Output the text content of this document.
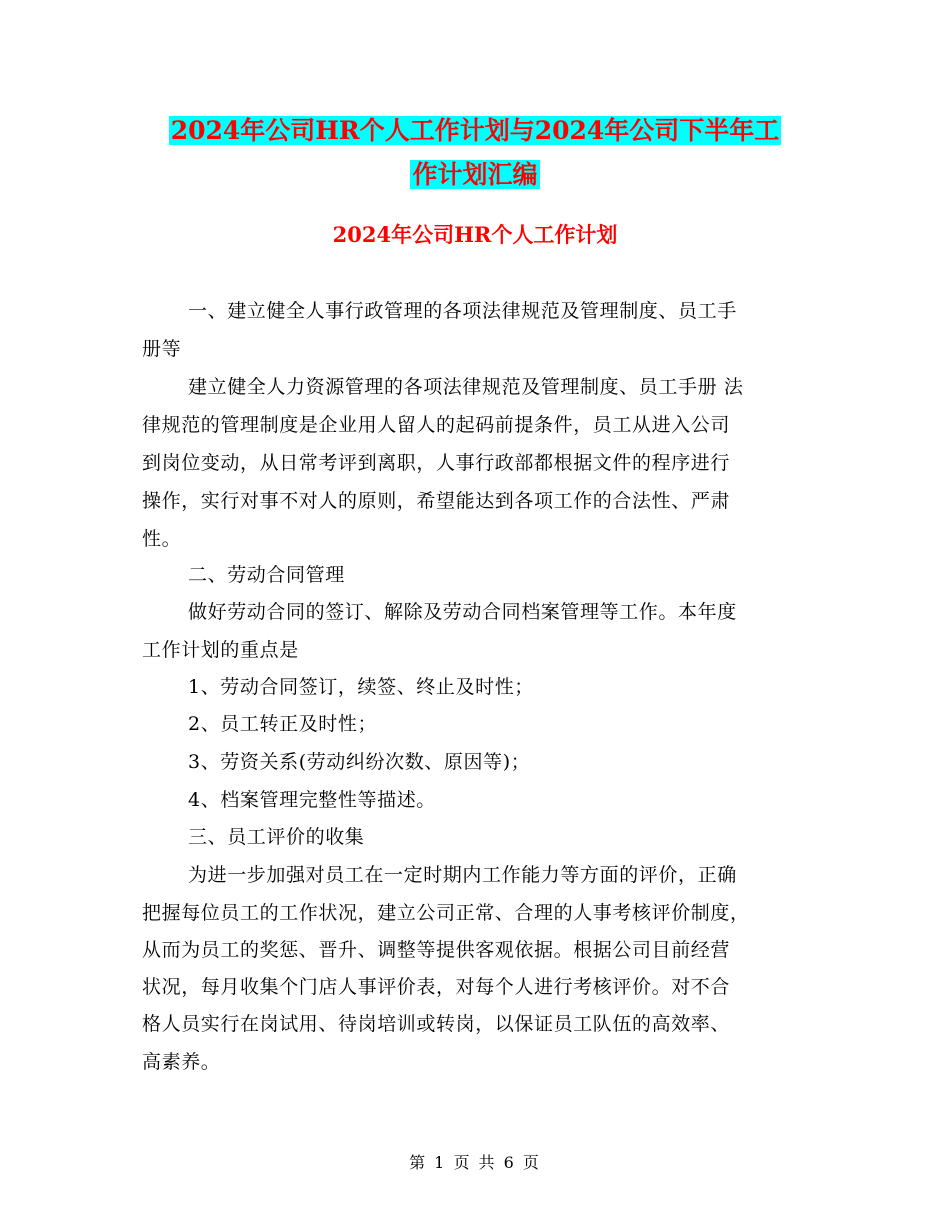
2024年公司HR个人工作计划与2024年公司下半年工
作计划汇编
2024年公司HR个人工作计划
一、建立健全人事行政管理的各项法律规范及管理制度、员工手
册等
建立健全人力资源管理的各项法律规范及管理制度、员工手册 法
律规范的管理制度是企业用人留人的起码前提条件，员工从进入公司
到岗位变动，从日常考评到离职，人事行政部都根据文件的程序进行
操作，实行对事不对人的原则，希望能达到各项工作的合法性、严肃
性。
二、劳动合同管理
做好劳动合同的签订、解除及劳动合同档案管理等工作。本年度
工作计划的重点是
1、劳动合同签订，续签、终止及时性；
2、员工转正及时性；
3、劳资关系(劳动纠纷次数、原因等)；
4、档案管理完整性等描述。
三、员工评价的收集
为进一步加强对员工在一定时期内工作能力等方面的评价，正确
把握每位员工的工作状况，建立公司正常、合理的人事考核评价制度，
从而为员工的奖惩、晋升、调整等提供客观依据。根据公司目前经营
状况，每月收集个门店人事评价表，对每个人进行考核评价。对不合
格人员实行在岗试用、待岗培训或转岗，以保证员工队伍的高效率、
高素养。
第 1 页 共 6 页
